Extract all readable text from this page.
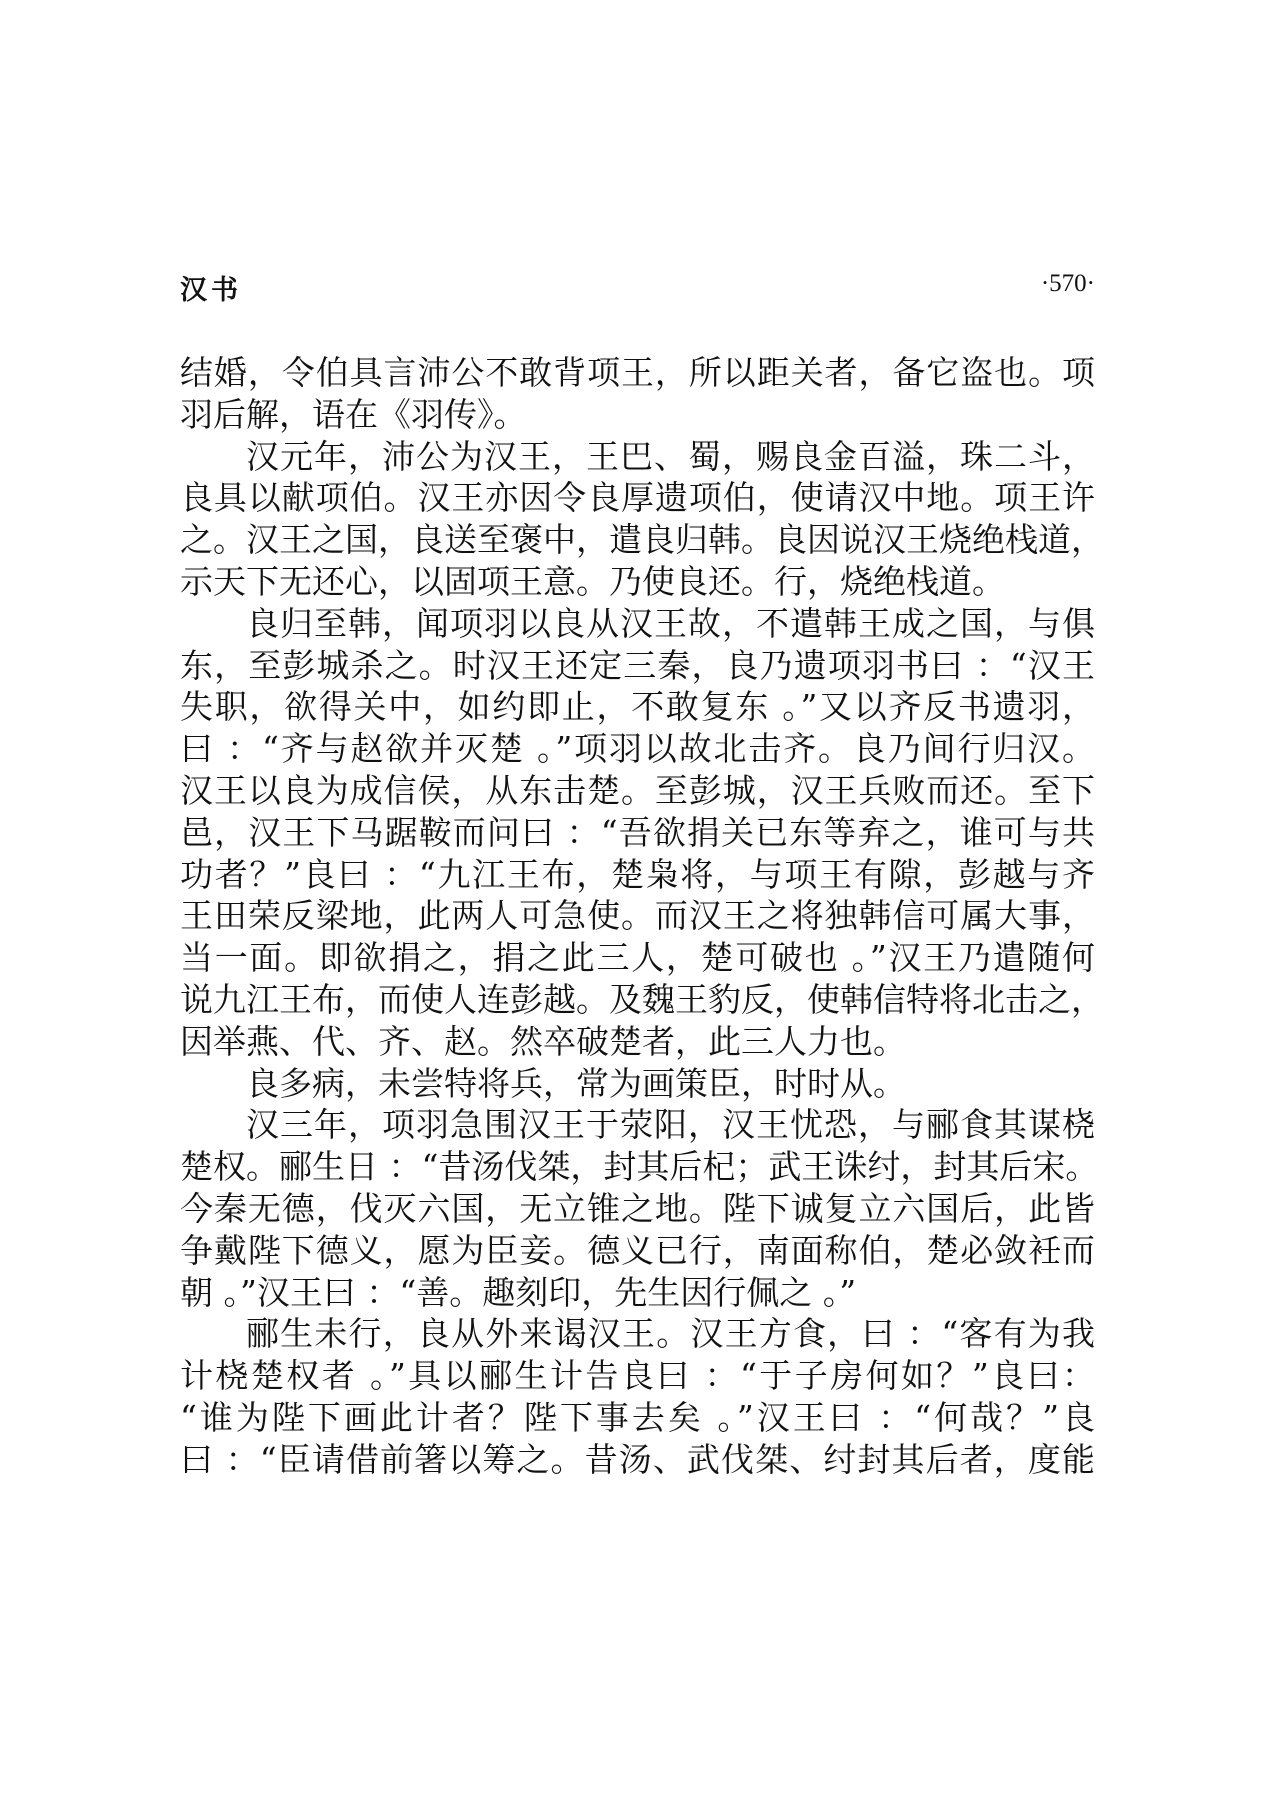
汉书	·570·
结婚，令伯具言沛公不敢背项王，所以距关者，备它盗也。项
羽后解，语在《羽传》。
汉元年，沛公为汉王，王巴、蜀，赐良金百溢，珠二斗，
良具以献项伯。汉王亦因令良厚遗项伯，使请汉中地。项王许
之。汉王之国，良送至褒中，遣良归韩。良因说汉王烧绝栈道，
示天下无还心，以固项王意。乃使良还。行，烧绝栈道。
良归至韩，闻项羽以良从汉王故，不遣韩王成之国，与俱
东，至彭城杀之。时汉王还定三秦，良乃遗项羽书曰 ：“汉王
失职，欲得关中，如约即止，不敢复东 。”又以齐反书遗羽，
曰 ：“齐与赵欲并灭楚 。”项羽以故北击齐。良乃间行归汉。
汉王以良为成信侯，从东击楚。至彭城，汉王兵败而还。至下
邑，汉王下马踞鞍而问曰 ：“吾欲捐关已东等弃之，谁可与共
功者？”良曰 ：“九江王布，楚枭将，与项王有隙，彭越与齐
王田荣反梁地，此两人可急使。而汉王之将独韩信可属大事，
当一面。即欲捐之，捐之此三人，楚可破也 。”汉王乃遣随何
说九江王布，而使人连彭越。及魏王豹反，使韩信特将北击之，
因举燕、代、齐、赵。然卒破楚者，此三人力也。
良多病，未尝特将兵，常为画策臣，时时从。
汉三年，项羽急围汉王于荥阳，汉王忧恐，与郦食其谋桡
楚权。郦生日 ：“昔汤伐桀，封其后杞；武王诛纣，封其后宋。
今秦无德，伐灭六国，无立锥之地。陛下诚复立六国后，此皆
争戴陛下德义，愿为臣妾。德义已行，南面称伯，楚必敛衽而
朝 。”汉王曰 ：“善。趣刻印，先生因行佩之 。”
郦生未行，良从外来谒汉王。汉王方食，曰 ：“客有为我
计桡楚权者 。”具以郦生计告良曰 ：“于子房何如？”良曰：
“谁为陛下画此计者？陛下事去矣 。”汉王曰 ：“何哉？”良
曰 ：“臣请借前箸以筹之。昔汤、武伐桀、纣封其后者，度能
